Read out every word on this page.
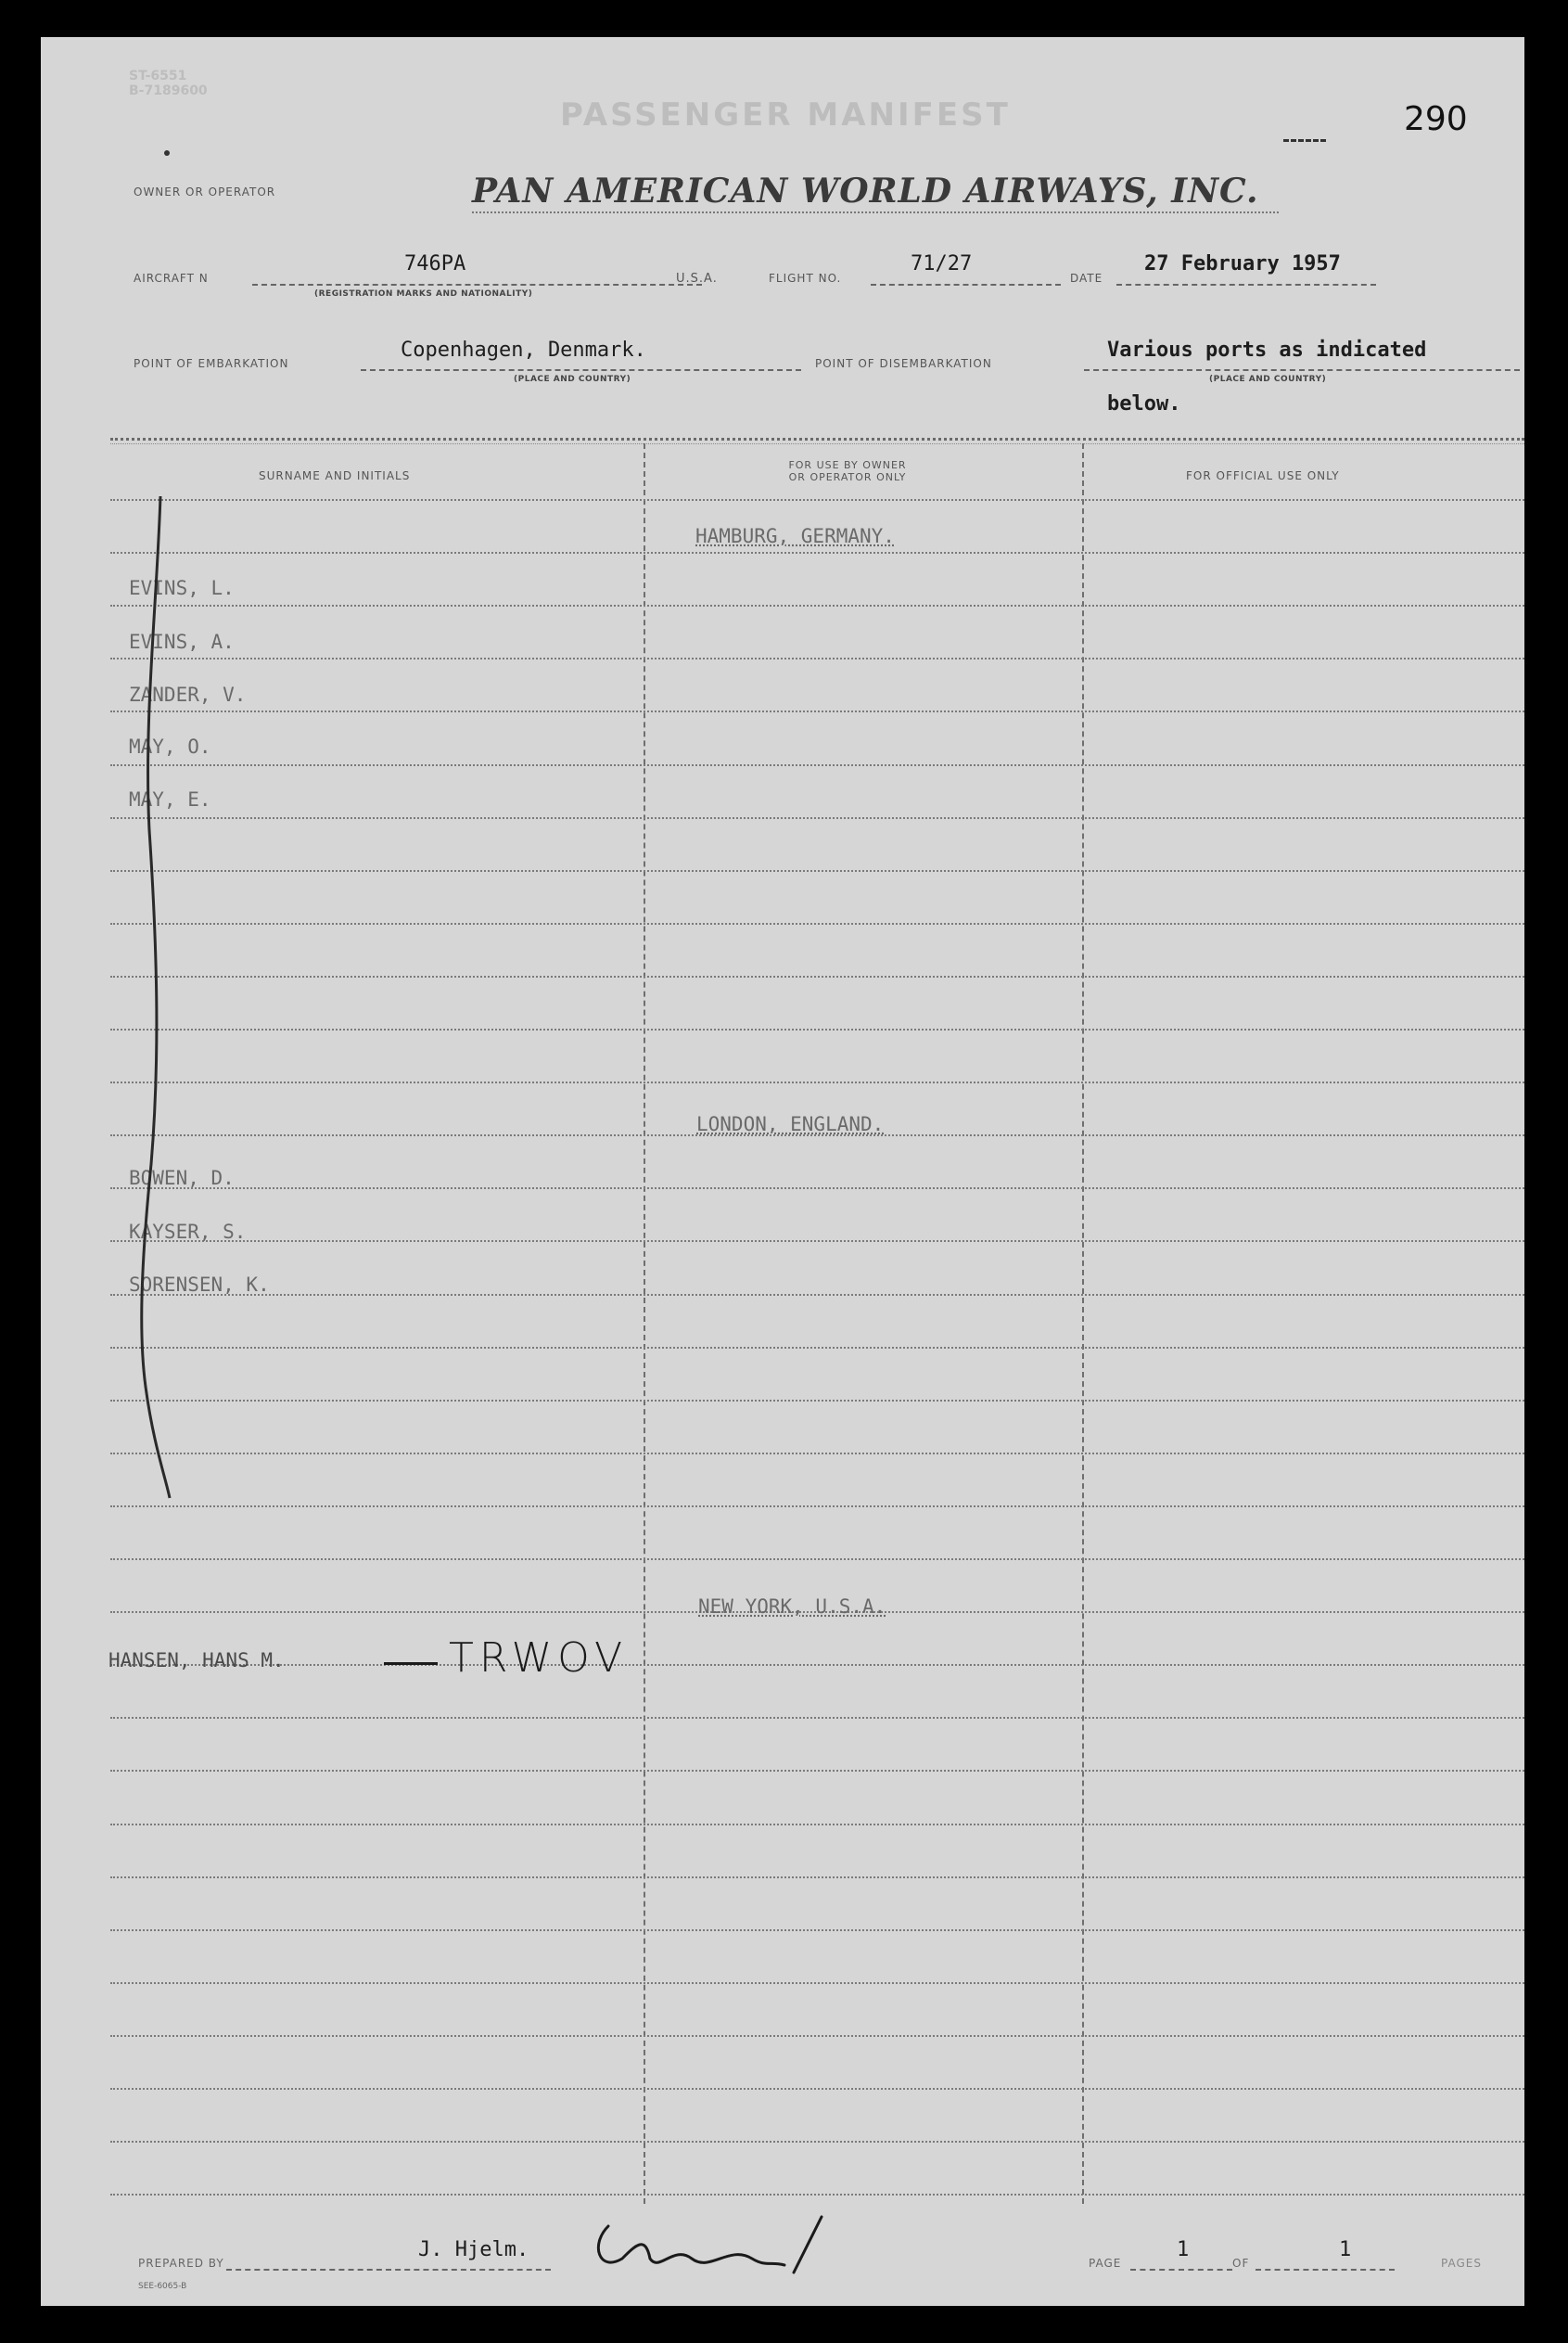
ST-6551
B-7189600
PASSENGER MANIFEST	290
OWNER OR OPERATOR	PAN AMERICAN WORLD AIRWAYS, INC.
AIRCRAFT N
746PA
(REGISTRATION MARKS AND NATIONALITY)
U.S.A.	FLIGHT NO.
71/27
DATE
27 February 1957
POINT OF EMBARKATION
Copenhagen, Denmark.
(PLACE AND COUNTRY)
POINT OF DISEMBARKATION
Various ports as indicated
(PLACE AND COUNTRY)
below.
SURNAME AND INITIALS
FOR USE BY OWNER
OR OPERATOR ONLY	FOR OFFICIAL USE ONLY
HAMBURG, GERMANY.
EVINS, L.
EVINS, A.
ZANDER, V.
MAY, O.
MAY, E.
LONDON, ENGLAND.
BOWEN, D.
KAYSER, S.
SORENSEN, K.
NEW YORK, U.S.A.
HANSEN, HANS M.	TRWOV
PREPARED BY
J. Hjelm.
PAGE
1
OF
1
PAGES
SEE-6065-B
